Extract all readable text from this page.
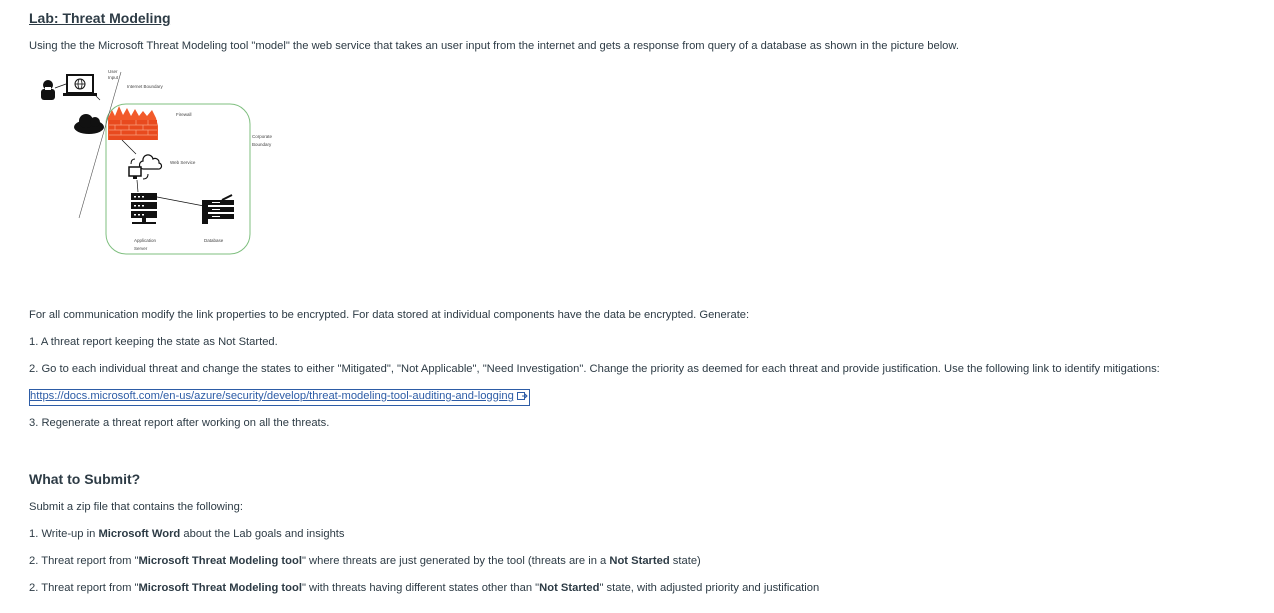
Lab: Threat Modeling
Using the the Microsoft Threat Modeling tool "model" the web service that takes an user input from the internet and gets a response from query of a database as shown in the picture below.
User
Input
Internet Boundary
Firewall
Corporate
Boundary
Web Service
Application
Server
Database
For all communication modify the link properties to be encrypted. For data stored at individual components have the data be encrypted. Generate:
1. A threat report keeping the state as Not Started.
2. Go to each individual threat and change the states to either "Mitigated", "Not Applicable", "Need Investigation". Change the priority as deemed for each threat and provide justification. Use the following link to identify mitigations:
https://docs.microsoft.com/en-us/azure/security/develop/threat-modeling-tool-auditing-and-logging
3. Regenerate a threat report after working on all the threats.
What to Submit?
Submit a zip file that contains the following:
1. Write-up in Microsoft Word about the Lab goals and insights
2. Threat report from "Microsoft Threat Modeling tool" where threats are just generated by the tool (threats are in a Not Started state)
2. Threat report from "Microsoft Threat Modeling tool" with threats having different states other than "Not Started" state, with adjusted priority and justification
